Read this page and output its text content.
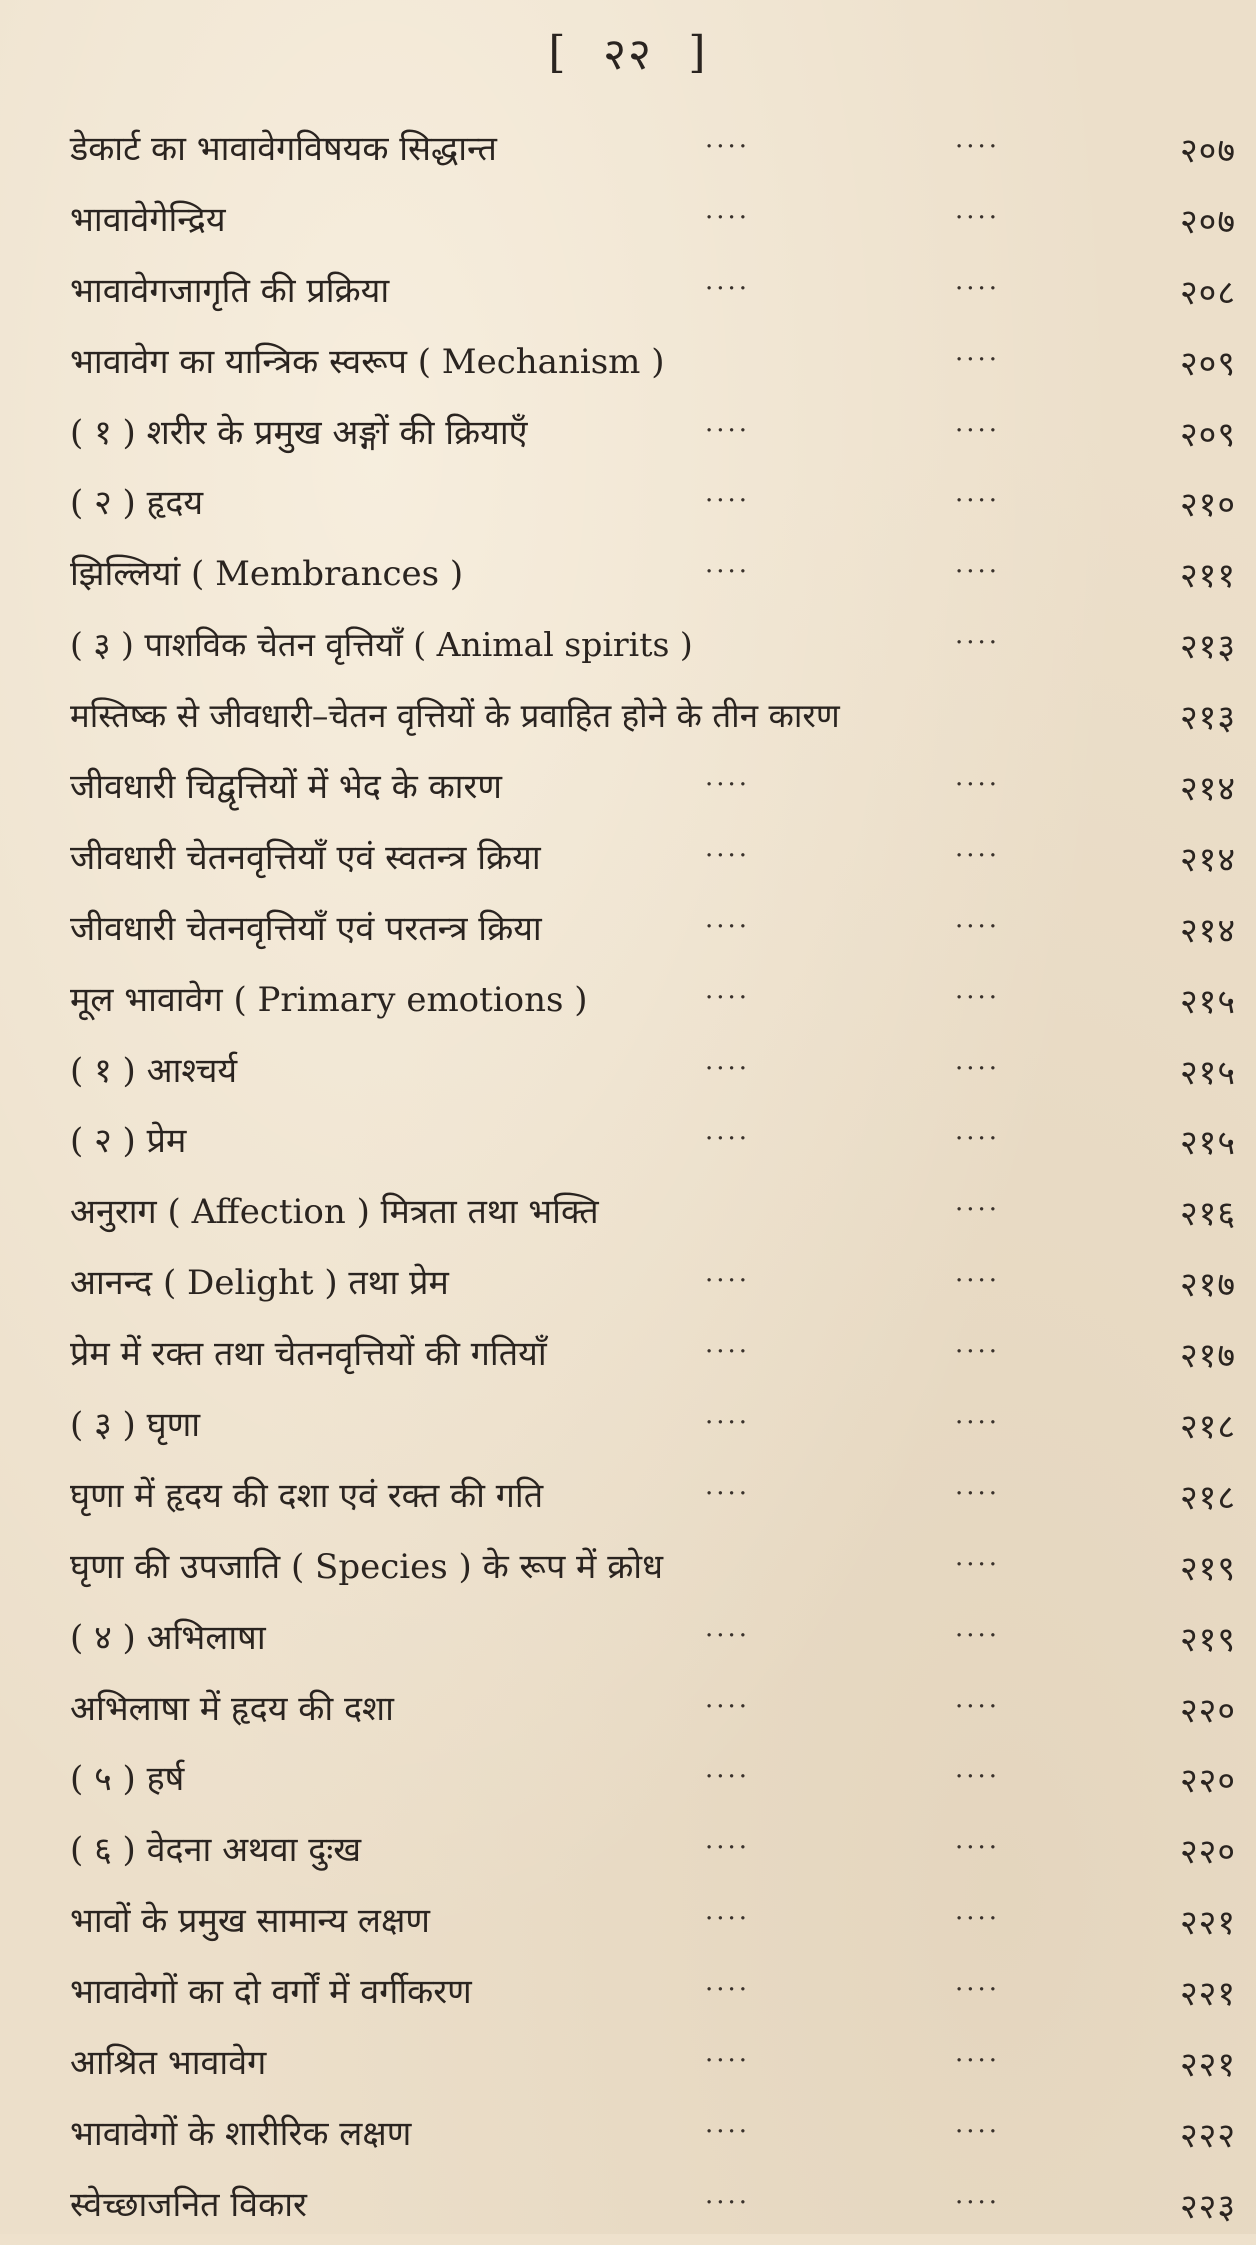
[ २२ ]
डेकार्ट का भावावेगविषयक सिद्धान्त	····	····	२०७
भावावेगेन्द्रिय	····	····	२०७
भावावेगजागृति की प्रक्रिया	····	····	२०८
भावावेग का यान्त्रिक स्वरूप ( Mechanism )	····	२०९
( १ ) शरीर के प्रमुख अङ्गों की क्रियाएँ	····	····	२०९
( २ ) हृदय	····	····	२१०
झिल्लियां ( Membrances )	····	····	२११
( ३ ) पाशविक चेतन वृत्तियाँ ( Animal spirits )	····	२१३
मस्तिष्क से जीवधारी–चेतन वृत्तियों के प्रवाहित होने के तीन कारण	२१३
जीवधारी चिद्वृत्तियों में भेद के कारण	····	····	२१४
जीवधारी चेतनवृत्तियाँ एवं स्वतन्त्र क्रिया	····	····	२१४
जीवधारी चेतनवृत्तियाँ एवं परतन्त्र क्रिया	····	····	२१४
मूल भावावेग ( Primary emotions )	····	····	२१५
( १ ) आश्चर्य	····	····	२१५
( २ ) प्रेम	····	····	२१५
अनुराग ( Affection ) मित्रता तथा भक्ति	····	२१६
आनन्द ( Delight ) तथा प्रेम	····	····	२१७
प्रेम में रक्त तथा चेतनवृत्तियों की गतियाँ	····	····	२१७
( ३ ) घृणा	····	····	२१८
घृणा में हृदय की दशा एवं रक्त की गति	····	····	२१८
घृणा की उपजाति ( Species ) के रूप में क्रोध	····	२१९
( ४ ) अभिलाषा	····	····	२१९
अभिलाषा में हृदय की दशा	····	····	२२०
( ५ ) हर्ष	····	····	२२०
( ६ ) वेदना अथवा दुःख	····	····	२२०
भावों के प्रमुख सामान्य लक्षण	····	····	२२१
भावावेगों का दो वर्गों में वर्गीकरण	····	····	२२१
आश्रित भावावेग	····	····	२२१
भावावेगों के शारीरिक लक्षण	····	····	२२२
स्वेच्छाजनित विकार	····	····	२२३
